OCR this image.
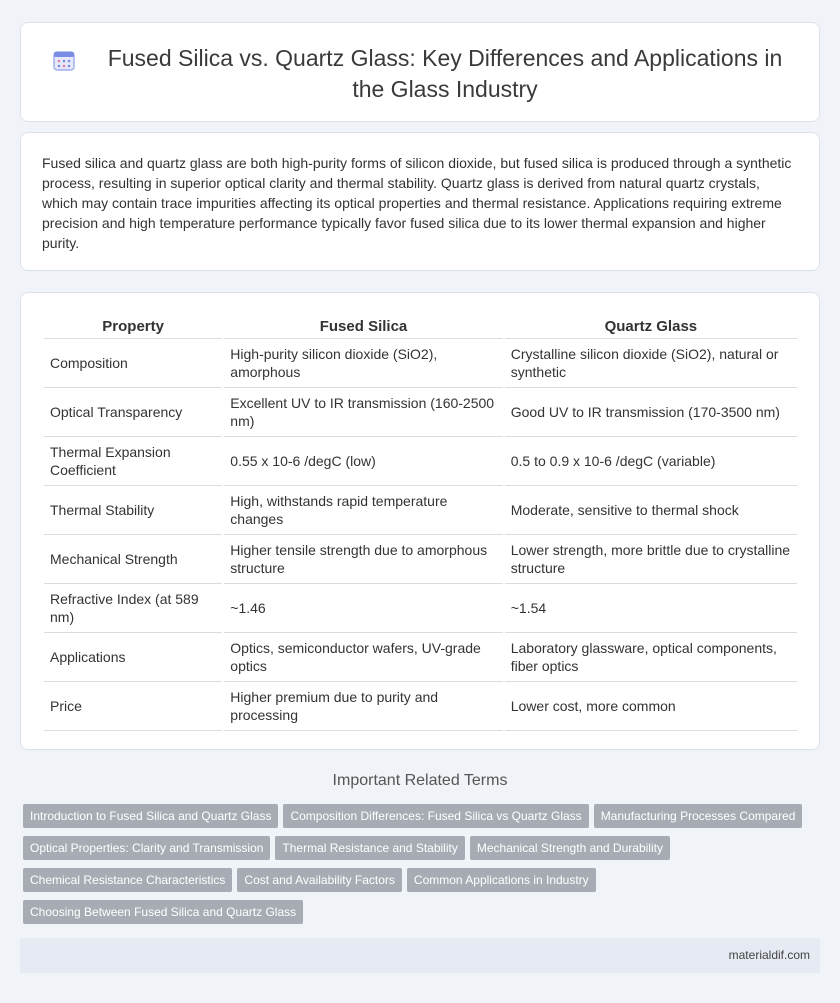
Fused Silica vs. Quartz Glass: Key Differences and Applications in the Glass Industry

Fused silica and quartz glass are both high-purity forms of silicon dioxide, but fused silica is produced through a synthetic process, resulting in superior optical clarity and thermal stability. Quartz glass is derived from natural quartz crystals, which may contain trace impurities affecting its optical properties and thermal resistance. Applications requiring extreme precision and high temperature performance typically favor fused silica due to its lower thermal expansion and higher purity.

Property	Fused Silica	Quartz Glass
Composition	High-purity silicon dioxide (SiO2), amorphous	Crystalline silicon dioxide (SiO2), natural or synthetic
Optical Transparency	Excellent UV to IR transmission (160-2500 nm)	Good UV to IR transmission (170-3500 nm)
Thermal Expansion Coefficient	0.55 x 10-6 /degC (low)	0.5 to 0.9 x 10-6 /degC (variable)
Thermal Stability	High, withstands rapid temperature changes	Moderate, sensitive to thermal shock
Mechanical Strength	Higher tensile strength due to amorphous structure	Lower strength, more brittle due to crystalline structure
Refractive Index (at 589 nm)	~1.46	~1.54
Applications	Optics, semiconductor wafers, UV-grade optics	Laboratory glassware, optical components, fiber optics
Price	Higher premium due to purity and processing	Lower cost, more common
Important Related Terms
Introduction to Fused Silica and Quartz Glass Composition Differences: Fused Silica vs Quartz Glass Manufacturing Processes Compared
Optical Properties: Clarity and Transmission Thermal Resistance and Stability Mechanical Strength and Durability
Chemical Resistance Characteristics Cost and Availability Factors Common Applications in Industry
Choosing Between Fused Silica and Quartz Glass
materialdif.com
